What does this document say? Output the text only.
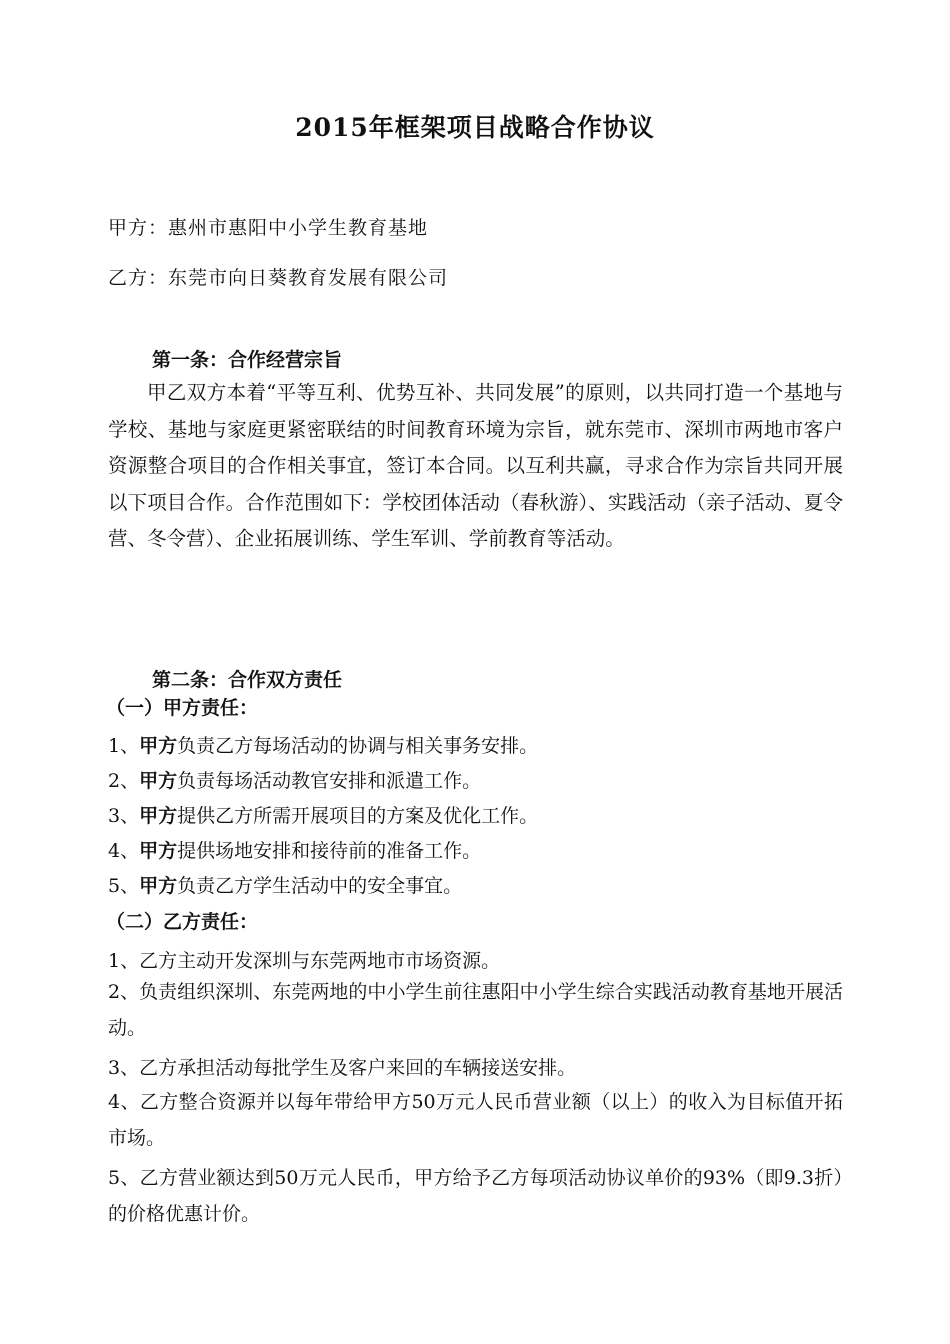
2015年框架项目战略合作协议
甲方：惠州市惠阳中小学生教育基地
乙方：东莞市向日葵教育发展有限公司
第一条：合作经营宗旨
甲乙双方本着“平等互利、优势互补、共同发展”的原则，以共同打造一个基地与学校、基地与家庭更紧密联结的时间教育环境为宗旨，就东莞市、深圳市两地市客户资源整合项目的合作相关事宜，签订本合同。以互利共赢，寻求合作为宗旨共同开展以下项目合作。合作范围如下：学校团体活动（春秋游）、实践活动（亲子活动、夏令营、冬令营）、企业拓展训练、学生军训、学前教育等活动。
第二条：合作双方责任
（一）甲方责任：
1、甲方负责乙方每场活动的协调与相关事务安排。
2、甲方负责每场活动教官安排和派遣工作。
3、甲方提供乙方所需开展项目的方案及优化工作。
4、甲方提供场地安排和接待前的准备工作。
5、甲方负责乙方学生活动中的安全事宜。
（二）乙方责任：
1、乙方主动开发深圳与东莞两地市市场资源。
2、负责组织深圳、东莞两地的中小学生前往惠阳中小学生综合实践活动教育基地开展活动。
3、乙方承担活动每批学生及客户来回的车辆接送安排。
4、乙方整合资源并以每年带给甲方50万元人民币营业额（以上）的收入为目标值开拓市场。
5、乙方营业额达到50万元人民币，甲方给予乙方每项活动协议单价的93%（即9.3折）的价格优惠计价。
